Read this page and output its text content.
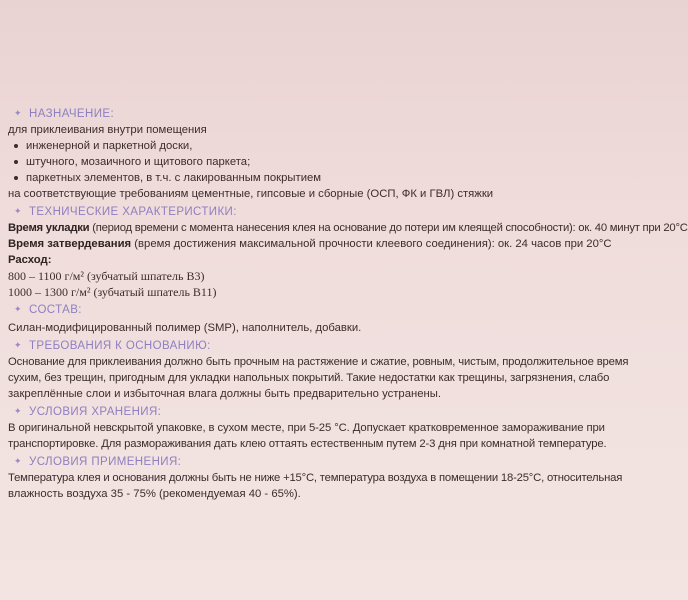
✦
НАЗНАЧЕНИЕ:
для приклеивания внутри помещения
инженерной и паркетной доски,
штучного, мозаичного и щитового паркета;
паркетных элементов, в т.ч. с лакированным покрытием
на соответствующие требованиям цементные, гипсовые и сборные (ОСП, ФК и ГВЛ) стяжки
✦
ТЕХНИЧЕСКИЕ ХАРАКТЕРИСТИКИ:
Время укладки (период времени с момента нанесения клея на основание до потери им клеящей способности): ок. 40 минут при 20°C
Время затвердевания (время достижения максимальной прочности клеевого соединения): ок. 24 часов при 20°C
Расход:
800 – 1100 г/м² (зубчатый шпатель В3)
1000 – 1300 г/м² (зубчатый шпатель В11)
✦
СОСТАВ:
Силан-модифицированный полимер (SMP), наполнитель, добавки.
✦
ТРЕБОВАНИЯ К ОСНОВАНИЮ:
Основание для приклеивания должно быть прочным на растяжение и сжатие, ровным, чистым, продолжительное время
сухим, без трещин, пригодным для укладки напольных покрытий. Такие недостатки как трещины, загрязнения, слабо
закреплённые слои и избыточная влага должны быть предварительно устранены.
✦
УСЛОВИЯ ХРАНЕНИЯ:
В оригинальной невскрытой упаковке, в сухом месте, при 5-25 °C. Допускает кратковременное замораживание при
транспортировке. Для размораживания дать клею оттаять естественным путем 2-3 дня при комнатной температуре.
✦
УСЛОВИЯ ПРИМЕНЕНИЯ:
Температура клея и основания должны быть не ниже +15°C, температура воздуха в помещении 18-25°C, относительная
влажность воздуха 35 - 75% (рекомендуемая 40 - 65%).
